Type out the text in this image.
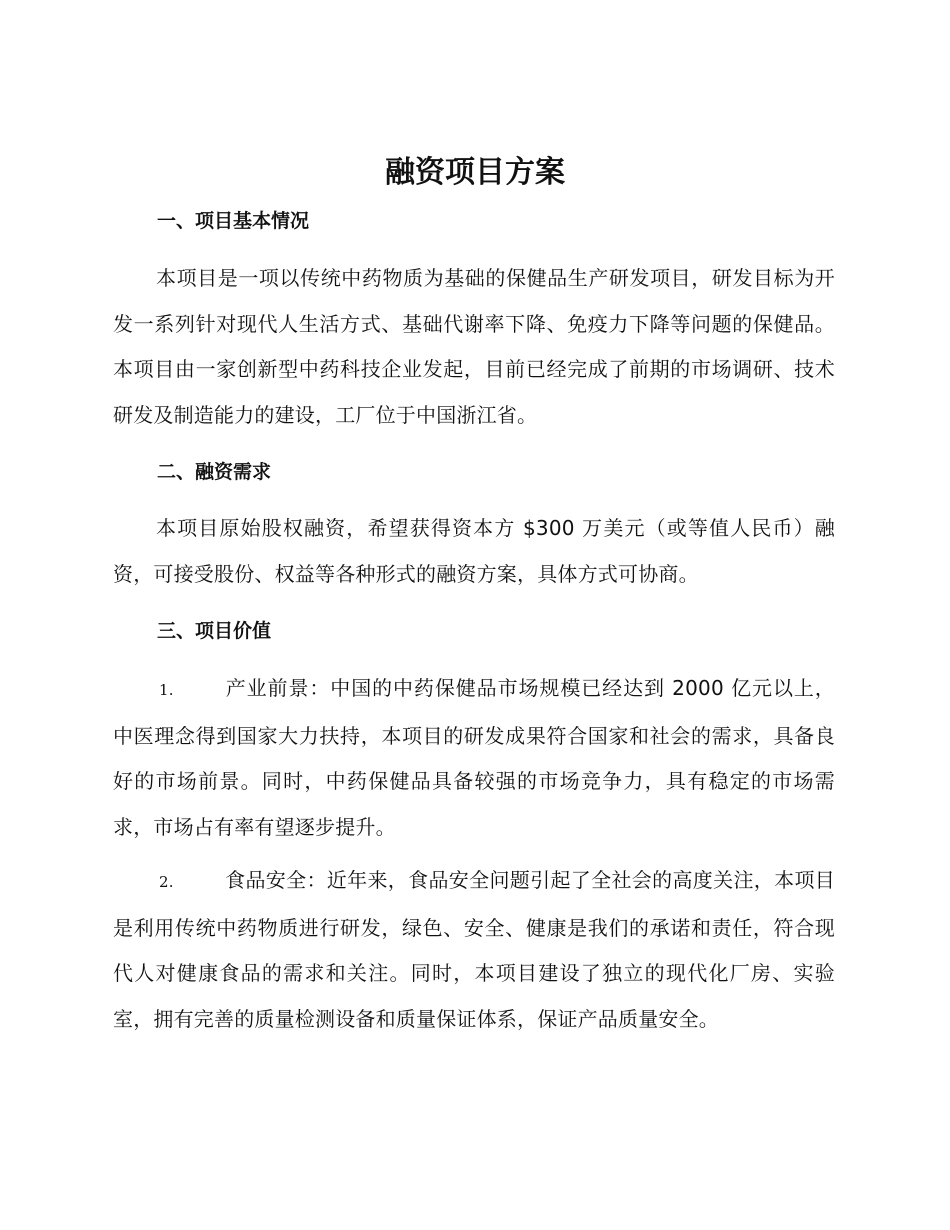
融资项目方案
一、项目基本情况

本项目是一项以传统中药物质为基础的保健品生产研发项目，研发目标为开发一系列针对现代人生活方式、基础代谢率下降、免疫力下降等问题的保健品。本项目由一家创新型中药科技企业发起，目前已经完成了前期的市场调研、技术研发及制造能力的建设，工厂位于中国浙江省。

二、融资需求

本项目原始股权融资，希望获得资本方 $300 万美元（或等值人民币）融资，可接受股份、权益等各种形式的融资方案，具体方式可协商。

三、项目价值

1.	产业前景：中国的中药保健品市场规模已经达到 2000 亿元以上，中医理念得到国家大力扶持，本项目的研发成果符合国家和社会的需求，具备良好的市场前景。同时，中药保健品具备较强的市场竞争力，具有稳定的市场需求，市场占有率有望逐步提升。

2.	食品安全：近年来，食品安全问题引起了全社会的高度关注，本项目是利用传统中药物质进行研发，绿色、安全、健康是我们的承诺和责任，符合现代人对健康食品的需求和关注。同时，本项目建设了独立的现代化厂房、实验室，拥有完善的质量检测设备和质量保证体系，保证产品质量安全。
